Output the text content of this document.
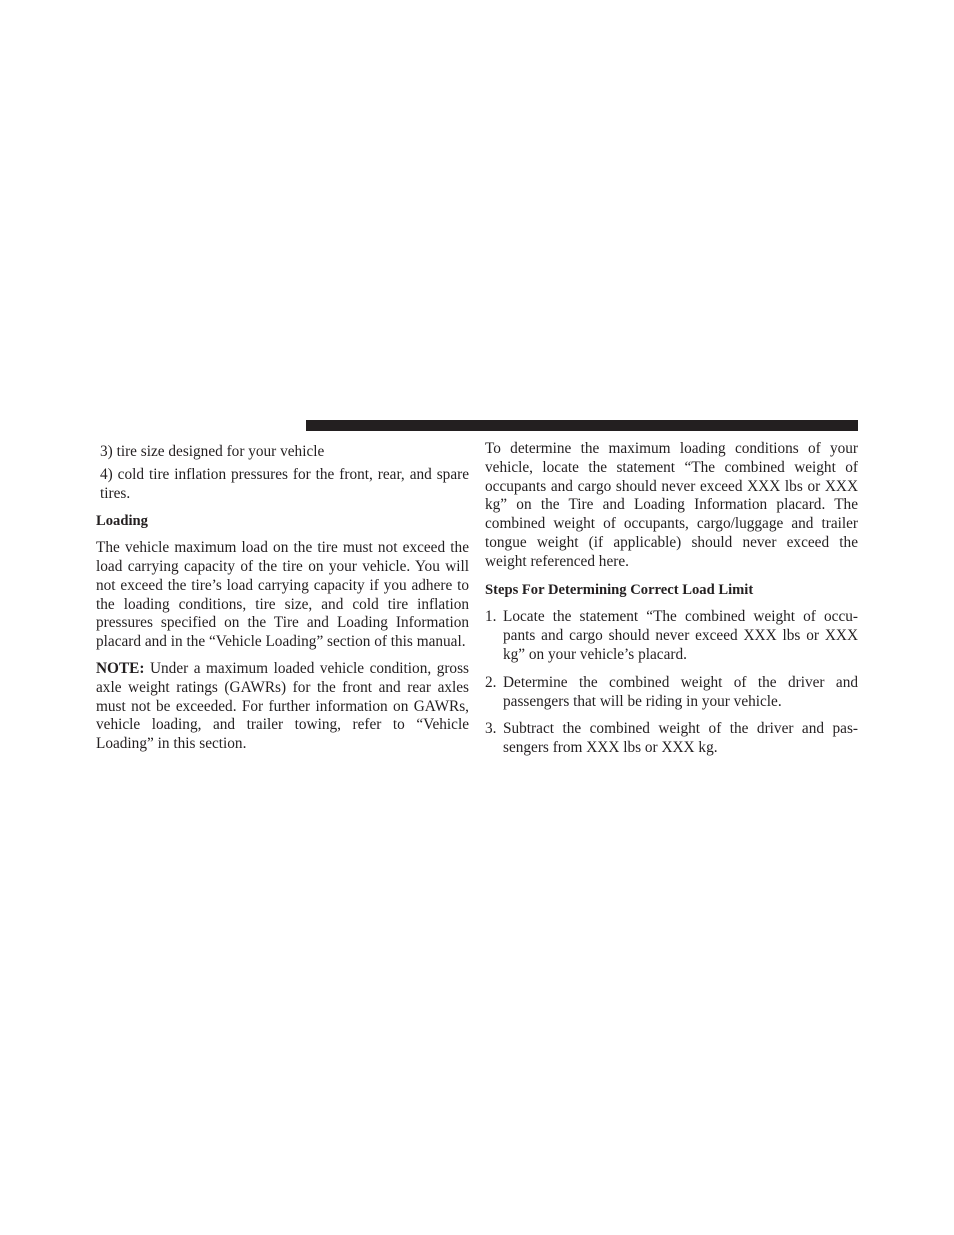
3) tire size designed for your vehicle

4) cold tire inflation pressures for the front, rear, and spare tires.

Loading

The vehicle maximum load on the tire must not exceed the load carrying capacity of the tire on your vehicle. You will not exceed the tire’s load carrying capacity if you adhere to the loading conditions, tire size, and cold tire inflation pressures specified on the Tire and Loading Information placard and in the “Vehicle Loading” section of this manual.

NOTE: Under a maximum loaded vehicle condition, gross axle weight ratings (GAWRs) for the front and rear axles must not be exceeded. For further information on GAWRs, vehicle loading, and trailer towing, refer to “Vehicle Loading” in this section.

To determine the maximum loading conditions of your vehicle, locate the statement “The combined weight of occupants and cargo should never exceed XXX lbs or XXX kg” on the Tire and Loading Information placard. The combined weight of occupants, cargo/luggage and trailer tongue weight (if applicable) should never exceed the weight referenced here.

Steps For Determining Correct Load Limit
1. Locate the statement “The combined weight of occu-pants and cargo should never exceed XXX lbs or XXX kg” on your vehicle’s placard.
2. Determine the combined weight of the driver and passengers that will be riding in your vehicle.
3. Subtract the combined weight of the driver and pas-sengers from XXX lbs or XXX kg.
